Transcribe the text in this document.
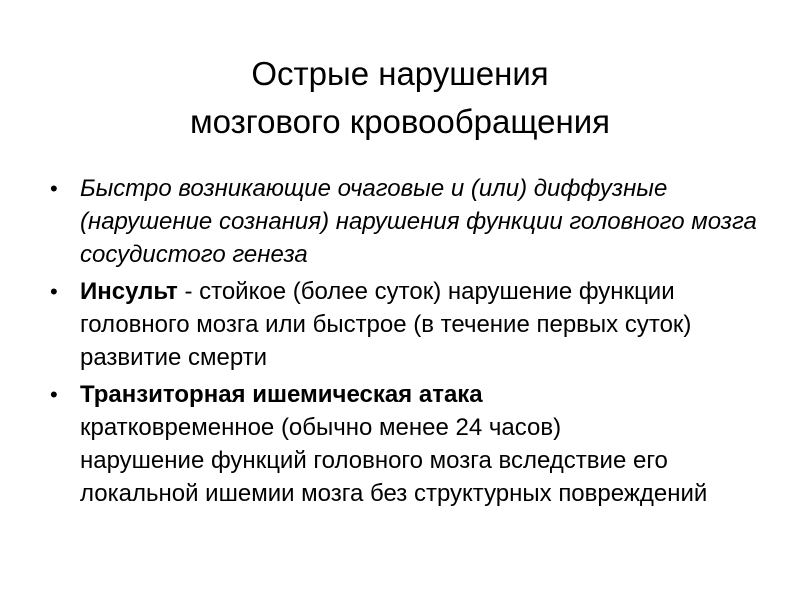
Острые нарушения
мозгового кровообращения
• Быстро возникающие очаговые и (или) диффузные (нарушение сознания) нарушения функции головного мозга сосудистого генеза
• Инсульт - стойкое (более суток) нарушение функции головного мозга или быстрое (в течение первых суток) развитие смерти
• Транзиторная ишемическая атака
кратковременное (обычно менее 24 часов)
нарушение функций головного мозга вследствие его локальной ишемии мозга без структурных повреждений
